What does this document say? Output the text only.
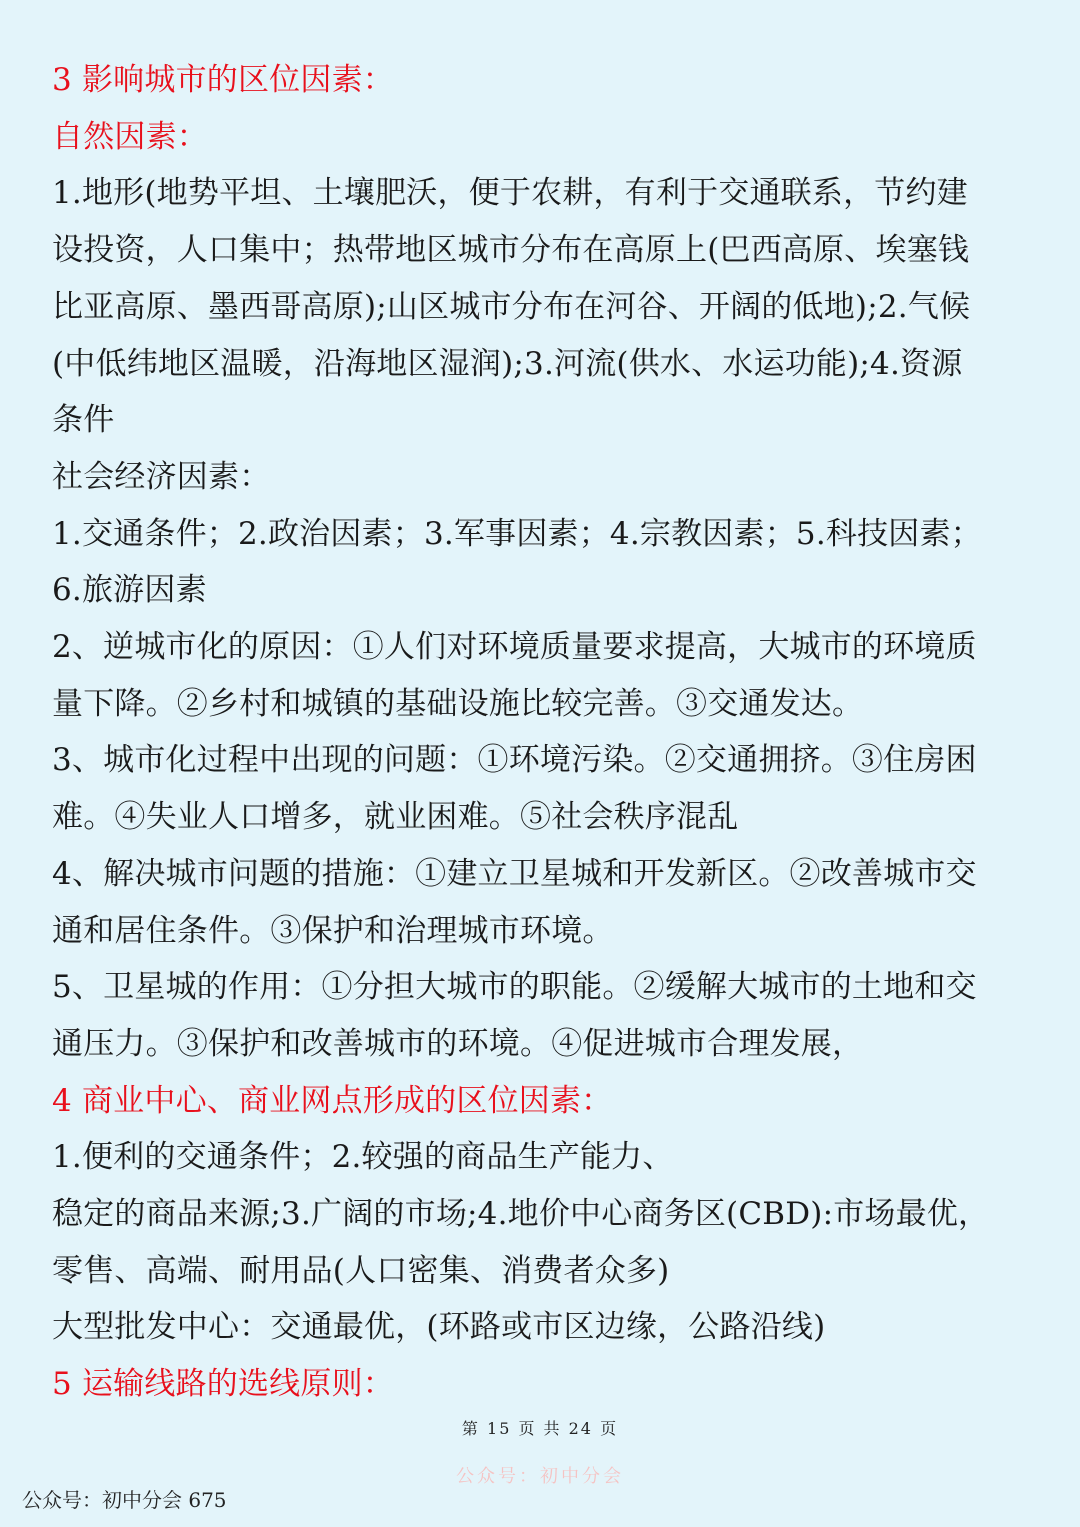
3 影响城市的区位因素：
自然因素：
1.地形(地势平坦、土壤肥沃，便于农耕，有利于交通联系，节约建
设投资，人口集中；热带地区城市分布在高原上(巴西高原、埃塞钱
比亚高原、墨西哥高原);山区城市分布在河谷、开阔的低地);2.气候
(中低纬地区温暖，沿海地区湿润);3.河流(供水、水运功能);4.资源
条件
社会经济因素：
1.交通条件；2.政治因素；3.军事因素；4.宗教因素；5.科技因素；
6.旅游因素
2、逆城市化的原因：①人们对环境质量要求提高，大城市的环境质
量下降。②乡村和城镇的基础设施比较完善。③交通发达。
3、城市化过程中出现的问题：①环境污染。②交通拥挤。③住房困
难。④失业人口增多，就业困难。⑤社会秩序混乱
4、解决城市问题的措施：①建立卫星城和开发新区。②改善城市交
通和居住条件。③保护和治理城市环境。
5、卫星城的作用：①分担大城市的职能。②缓解大城市的土地和交
通压力。③保护和改善城市的环境。④促进城市合理发展，
4 商业中心、商业网点形成的区位因素：
1.便利的交通条件；2.较强的商品生产能力、
稳定的商品来源;3.广阔的市场;4.地价中心商务区(CBD):市场最优，
零售、高端、耐用品(人口密集、消费者众多)
大型批发中心：交通最优，(环路或市区边缘，公路沿线)
5 运输线路的选线原则：
第 15 页 共 24 页
公众号：初中分会
公众号：初中分会 675
